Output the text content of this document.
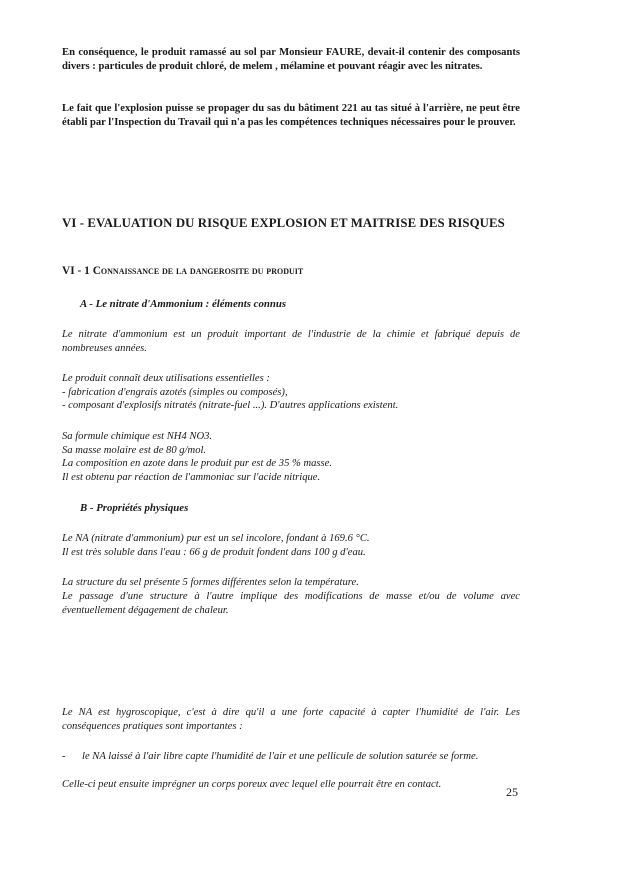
En conséquence, le produit ramassé au sol par Monsieur FAURE, devait-il contenir des composants divers : particules de produit chloré, de melem , mélamine et pouvant réagir avec les nitrates.

Le fait que l'explosion puisse se propager du sas du bâtiment 221 au tas situé à l'arrière, ne peut être établi par l'Inspection du Travail qui n'a pas les compétences techniques nécessaires pour le prouver.

VI - EVALUATION DU RISQUE EXPLOSION ET MAITRISE DES RISQUES
VI - 1 Connaissance de la dangerosite du produit
A - Le nitrate d'Ammonium : éléments connus

Le nitrate d'ammonium est un produit important de l'industrie de la chimie et fabriqué depuis de nombreuses années.

Le produit connaît deux utilisations essentielles :
- fabrication d'engrais azotés (simples ou composés),
- composant d'explosifs nitratés (nitrate-fuel ...). D'autres applications existent.
Sa formule chimique est NH4 NO3.
Sa masse molaire est de 80 g/mol.
La composition en azote dans le produit pur est de 35 % masse.
Il est obtenu par réaction de l'ammoniac sur l'acide nitrique.
B - Propriétés physiques
Le NA (nitrate d'ammonium) pur est un sel incolore, fondant à 169.6 °C.
Il est très soluble dans l'eau : 66 g de produit fondent dans 100 g d'eau.

La structure du sel présente 5 formes différentes selon la température.

Le passage d'une structure à l'autre implique des modifications de masse et/ou de volume avec éventuellement dégagement de chaleur.

Le NA est hygroscopique, c'est à dire qu'il a une forte capacité à capter l'humidité de l'air. Les conséquences pratiques sont importantes :

- le NA laissé à l'air libre capte l'humidité de l'air et une pellicule de solution saturée se forme.

Celle-ci peut ensuite imprégner un corps poreux avec lequel elle pourrait être en contact.

25
